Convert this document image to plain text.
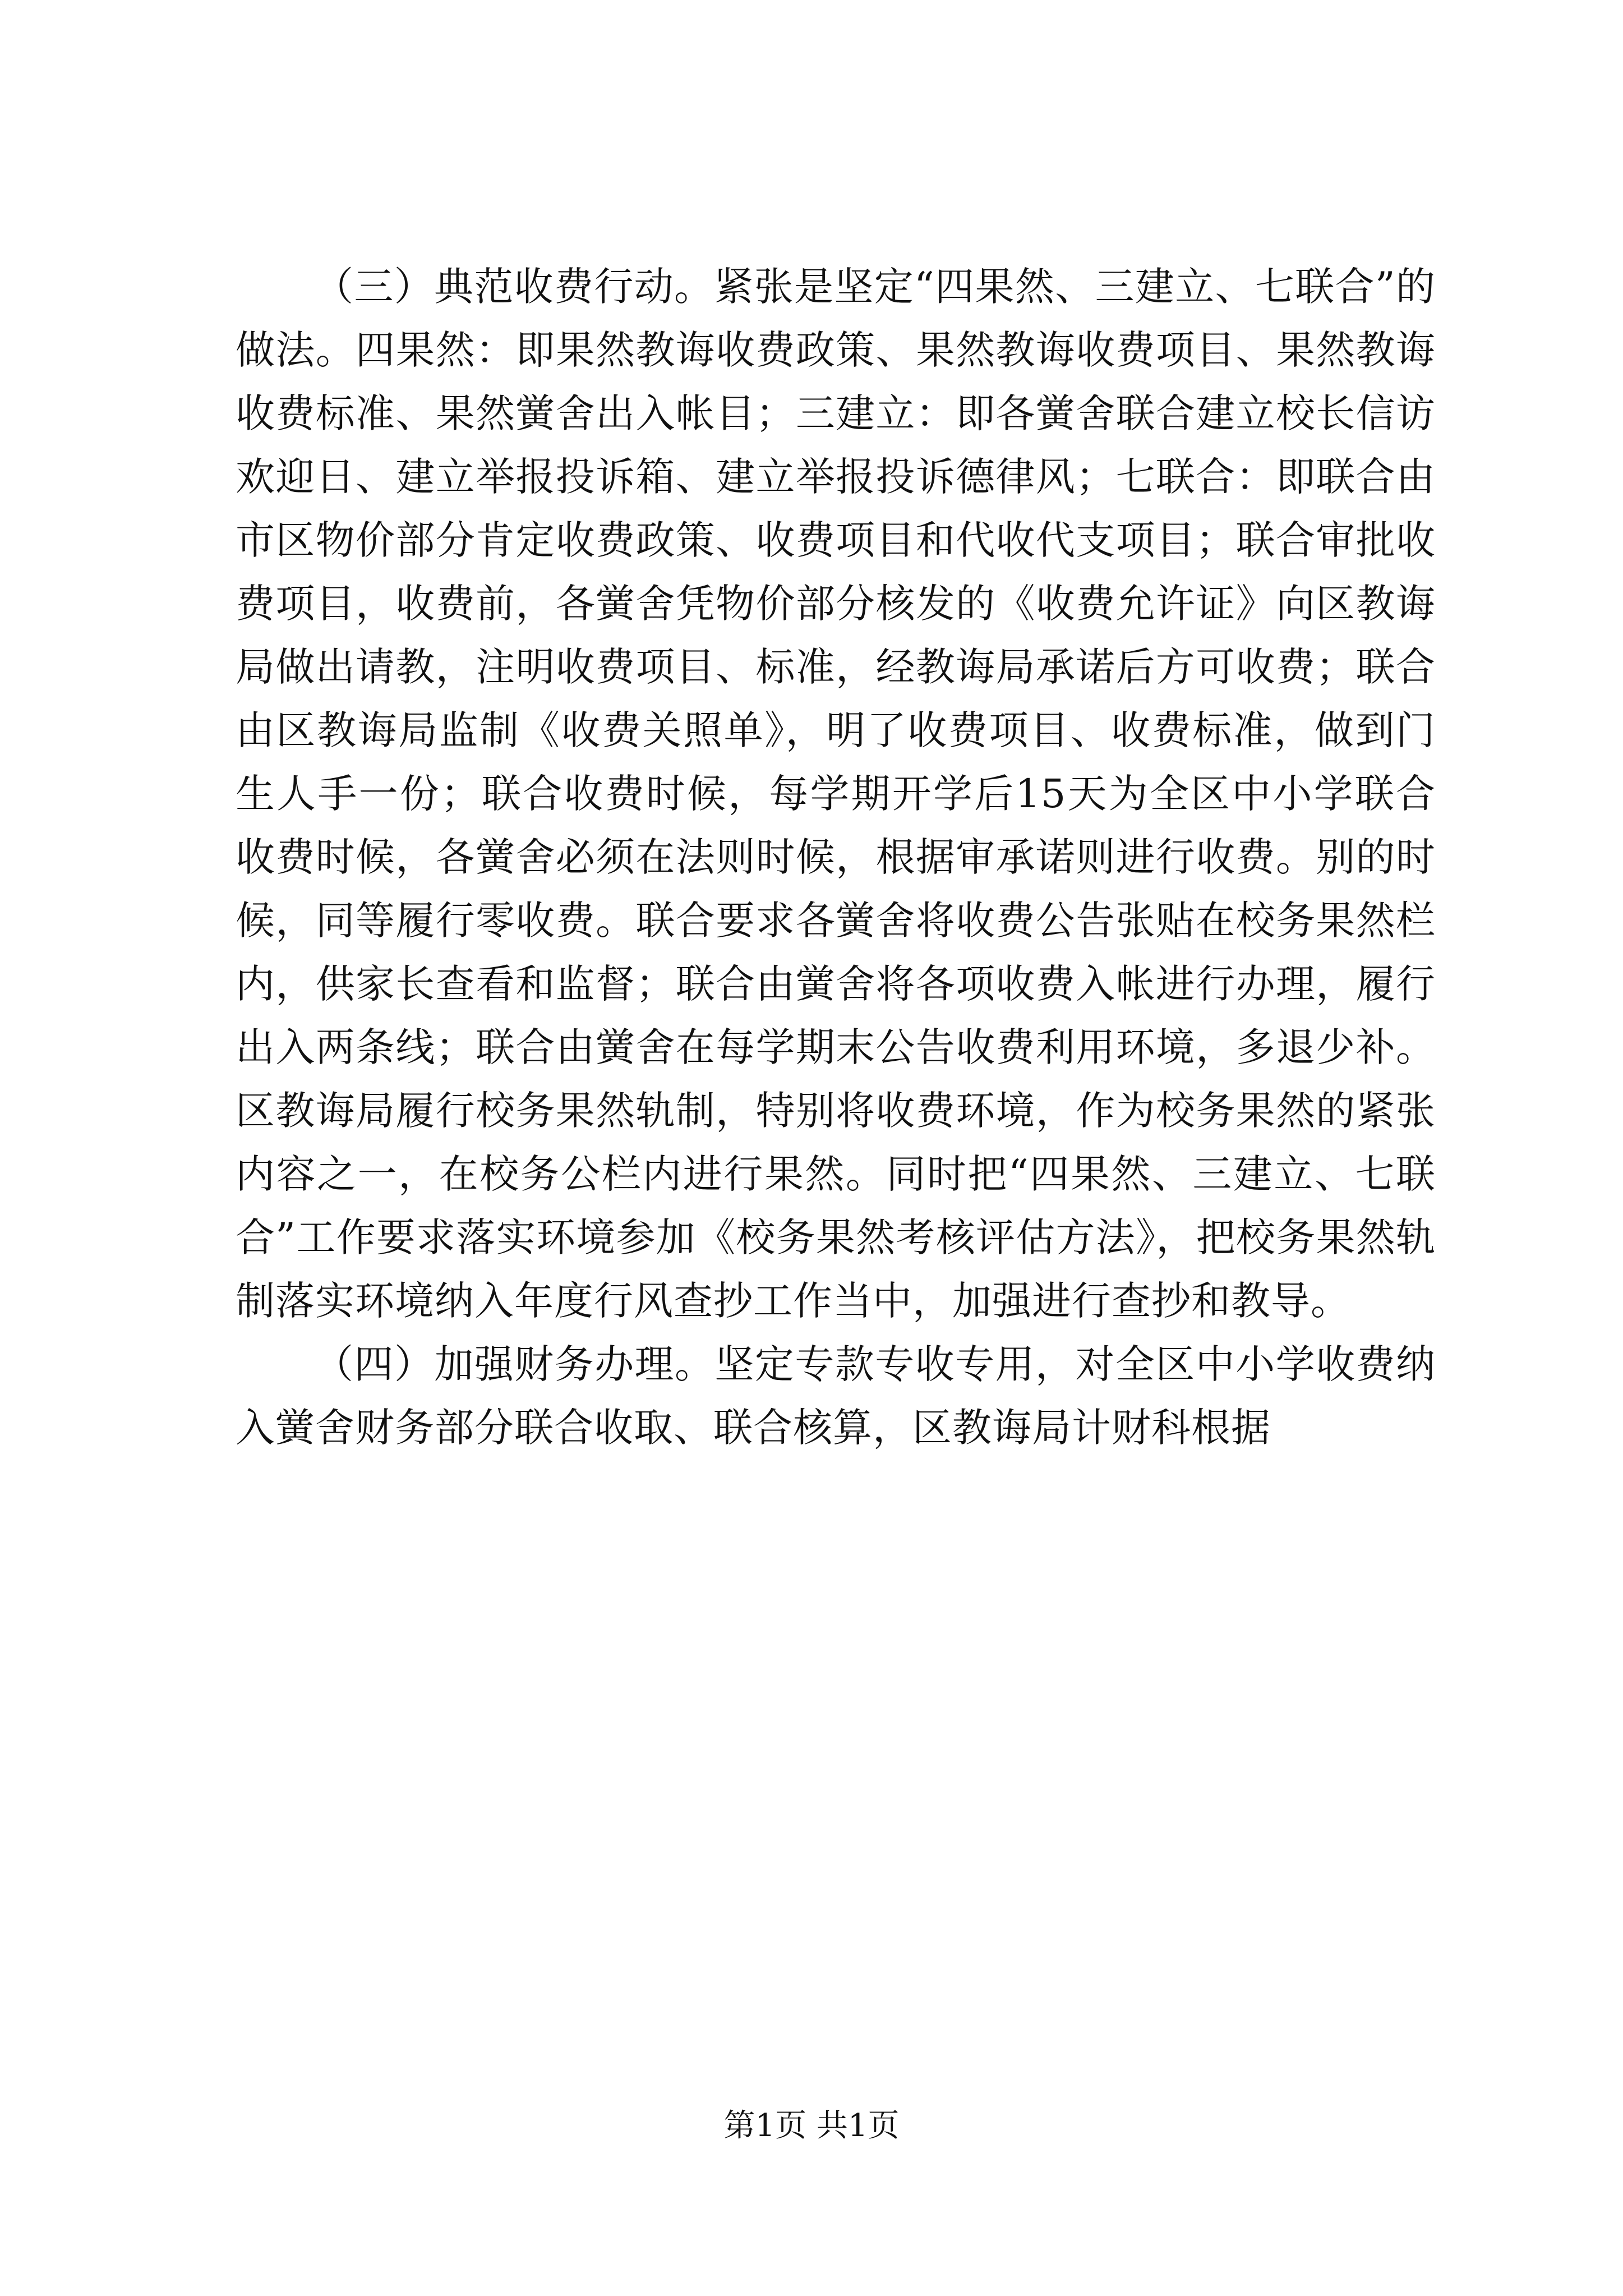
（三）典范收费行动。紧张是坚定“四果然、三建立、七联合”的做法。四果然：即果然教诲收费政策、果然教诲收费项目、果然教诲收费标准、果然黉舍出入帐目；三建立：即各黉舍联合建立校长信访欢迎日、建立举报投诉箱、建立举报投诉德律风；七联合：即联合由市区物价部分肯定收费政策、收费项目和代收代支项目；联合审批收费项目，收费前，各黉舍凭物价部分核发的《收费允许证》向区教诲局做出请教，注明收费项目、标准，经教诲局承诺后方可收费；联合由区教诲局监制《收费关照单》，明了收费项目、收费标准，做到门生人手一份；联合收费时候，每学期开学后15天为全区中小学联合收费时候，各黉舍必须在法则时候，根据审承诺则进行收费。别的时候，同等履行零收费。联合要求各黉舍将收费公告张贴在校务果然栏内，供家长查看和监督；联合由黉舍将各项收费入帐进行办理，履行出入两条线；联合由黉舍在每学期末公告收费利用环境，多退少补。区教诲局履行校务果然轨制，特别将收费环境，作为校务果然的紧张内容之一，在校务公栏内进行果然。同时把“四果然、三建立、七联合”工作要求落实环境参加《校务果然考核评估方法》，把校务果然轨制落实环境纳入年度行风查抄工作当中，加强进行查抄和教导。

（四）加强财务办理。坚定专款专收专用，对全区中小学收费纳入黉舍财务部分联合收取、联合核算，区教诲局计财科根据

第1页 共1页
